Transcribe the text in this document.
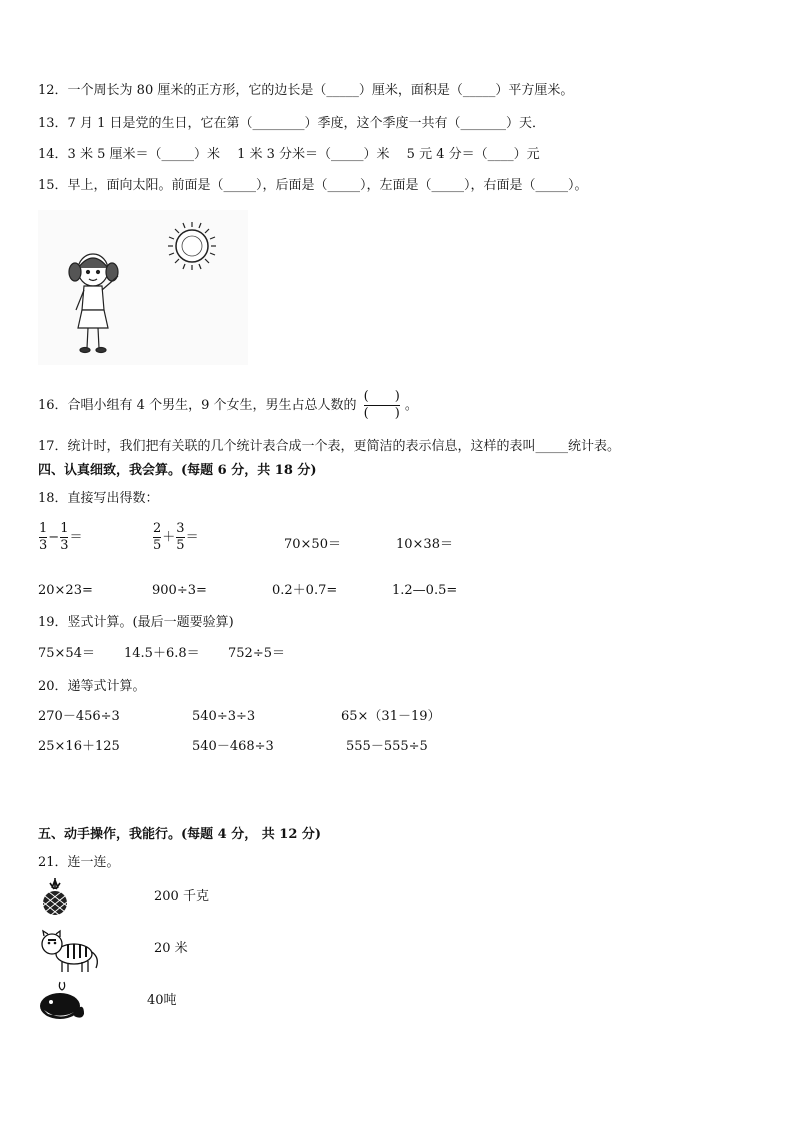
12．一个周长为 80 厘米的正方形，它的边长是（_____）厘米，面积是（_____）平方厘米。
13．7 月 1 日是党的生日，它在第（________）季度，这个季度一共有（_______）天．
14．3 米 5 厘米＝（_____）米　 1 米 3 分米＝（_____）米　 5 元 4 分＝（____）元
15．早上，面向太阳。前面是（_____），后面是（_____），左面是（_____），右面是（_____）。
16．合唱小组有 4 个男生，9 个女生，男生占总人数的 $\frac{( )}{( )}$ 。
17．统计时，我们把有关联的几个统计表合成一个表，更简洁的表示信息，这样的表叫_____统计表。
四、认真细致，我会算。(每题 6 分，共 18 分)
18．直接写出得数：
$\frac{1}{3} - \frac{1}{3}$ ＝	$\frac{2}{5} + \frac{3}{5}$ ＝	70×50＝	10×38＝
20×23=	900÷3=	0.2＋0.7=	1.2—0.5=
19．竖式计算。(最后一题要验算)
75×54＝ 14.5＋6.8＝ 752÷5＝
20．递等式计算。
270－456÷3	540÷3÷3	65×（31－19）
25×16＋125	540－468÷3	555－555÷5
五、动手操作，我能行。(每题 4 分， 共 12 分)
21．连一连。
200 千克
20 米
40吨
